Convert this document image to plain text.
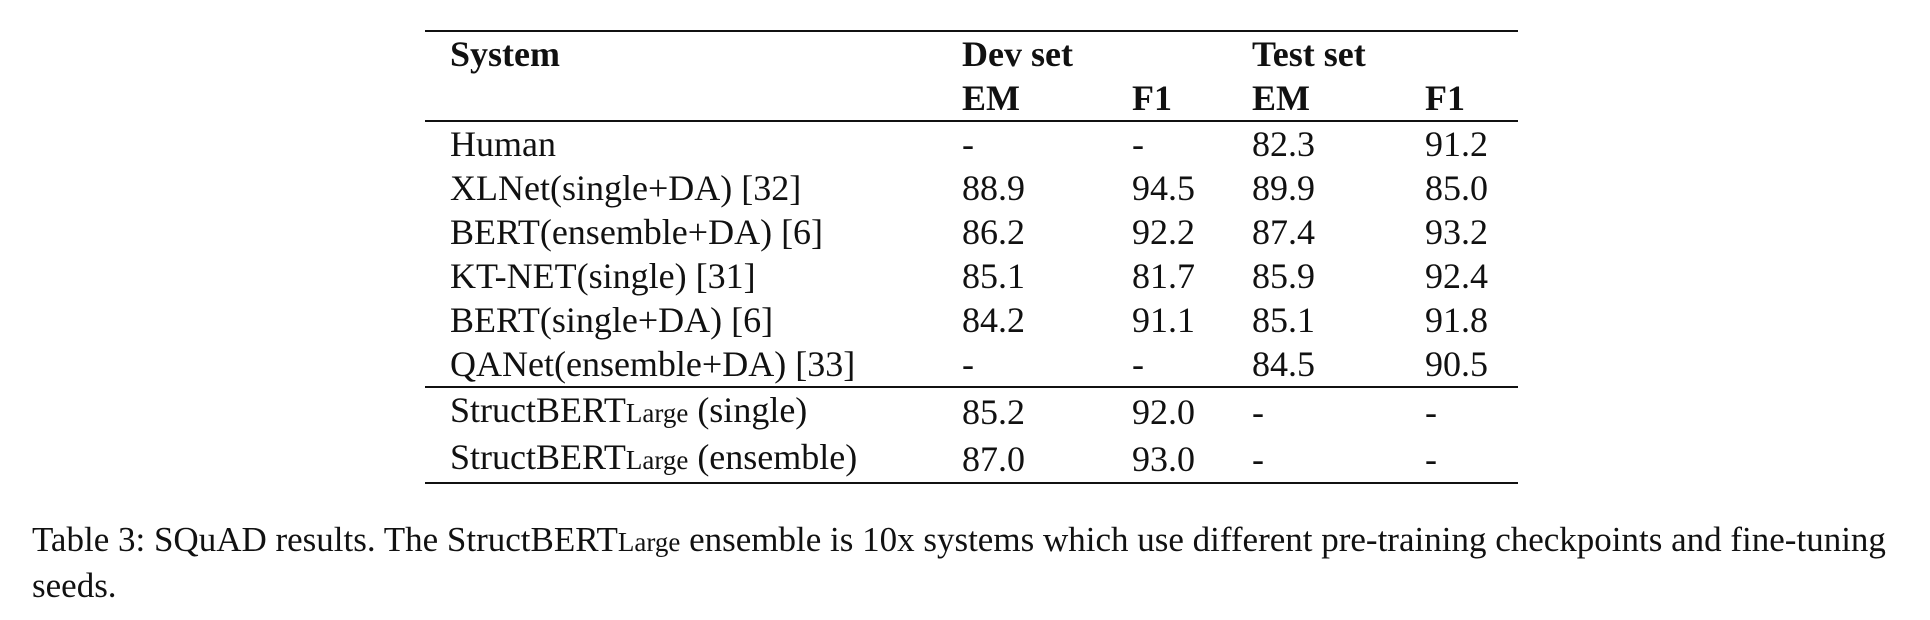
System	Dev set		Test set	
	EM	F1	EM	F1
Human	-	-	82.3	91.2
XLNet(single+DA) [32]	88.9	94.5	89.9	85.0
BERT(ensemble+DA) [6]	86.2	92.2	87.4	93.2
KT-NET(single) [31]	85.1	81.7	85.9	92.4
BERT(single+DA) [6]	84.2	91.1	85.1	91.8
QANet(ensemble+DA) [33]	-	-	84.5	90.5
StructBERTLarge (single)	85.2	92.0	-	-
StructBERTLarge (ensemble)	87.0	93.0	-	-
Table 3: SQuAD results. The StructBERTLarge ensemble is 10x systems which use different pre-training checkpoints and fine-tuning seeds.
